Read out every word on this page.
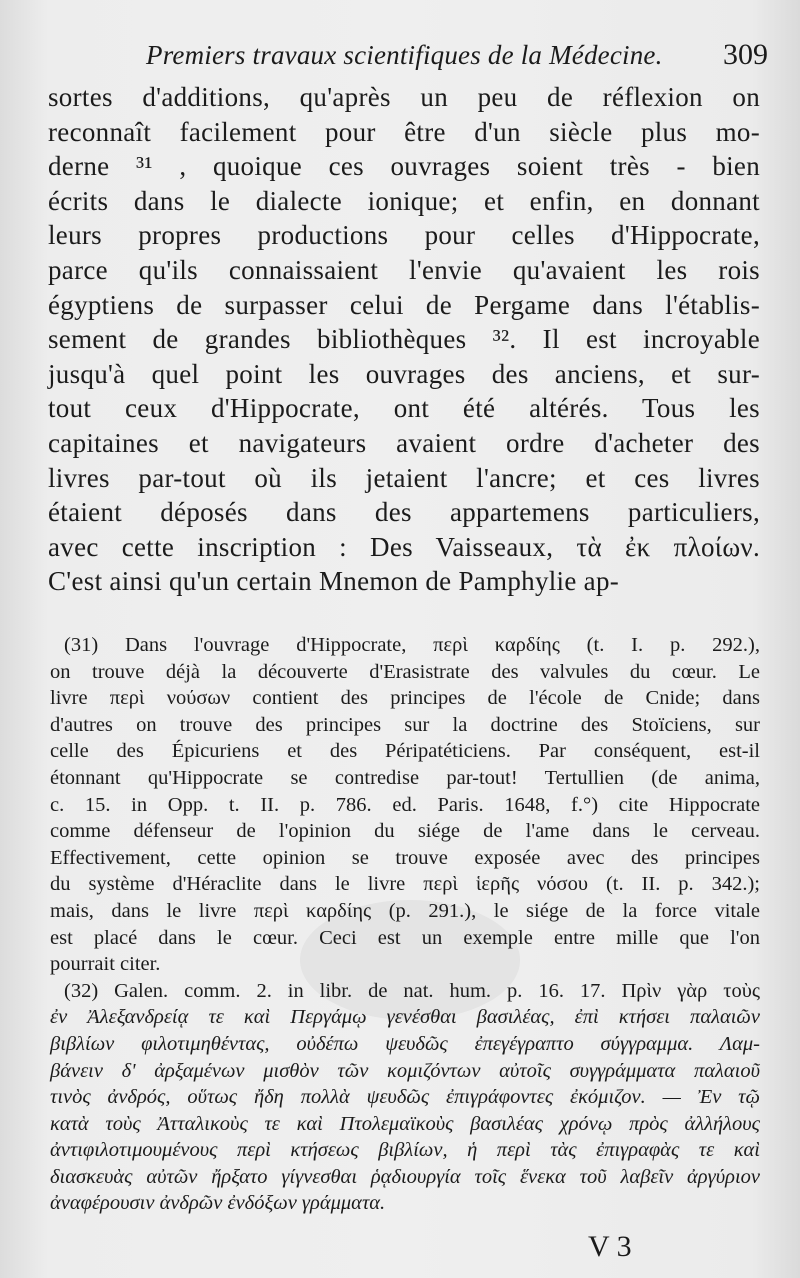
Premiers travaux scientifiques de la Médecine. 309
sortes d'additions, qu'après un peu de réflexion on
reconnaît facilement pour être d'un siècle plus mo-
derne ³¹ , quoique ces ouvrages soient très - bien
écrits dans le dialecte ionique; et enfin, en donnant
leurs propres productions pour celles d'Hippocrate,
parce qu'ils connaissaient l'envie qu'avaient les rois
égyptiens de surpasser celui de Pergame dans l'établis-
sement de grandes bibliothèques ³². Il est incroyable
jusqu'à quel point les ouvrages des anciens, et sur-
tout ceux d'Hippocrate, ont été altérés. Tous les
capitaines et navigateurs avaient ordre d'acheter des
livres par-tout où ils jetaient l'ancre; et ces livres
étaient déposés dans des appartemens particuliers,
avec cette inscription : Des Vaisseaux, τὰ ἐκ πλοίων.
C'est ainsi qu'un certain Mnemon de Pamphylie ap-
(31) Dans l'ouvrage d'Hippocrate, περὶ καρδίης (t. I. p. 292.),
on trouve déjà la découverte d'Erasistrate des valvules du cœur. Le
livre περὶ νούσων contient des principes de l'école de Cnide; dans
d'autres on trouve des principes sur la doctrine des Stoïciens, sur
celle des Épicuriens et des Péripatéticiens. Par conséquent, est-il
étonnant qu'Hippocrate se contredise par-tout! Tertullien (de anima,
c. 15. in Opp. t. II. p. 786. ed. Paris. 1648, f.°) cite Hippocrate
comme défenseur de l'opinion du siége de l'ame dans le cerveau.
Effectivement, cette opinion se trouve exposée avec des principes
du système d'Héraclite dans le livre περὶ ἱερῆς νόσου (t. II. p. 342.);
mais, dans le livre περὶ καρδίης (p. 291.), le siége de la force vitale
est placé dans le cœur. Ceci est un exemple entre mille que l'on
pourrait citer.
(32) Galen. comm. 2. in libr. de nat. hum. p. 16. 17. Πρὶν γὰρ τοὺς
ἐν Ἀλεξανδρείᾳ τε καὶ Περγάμῳ γενέσθαι βασιλέας, ἐπὶ κτήσει παλαιῶν
βιβλίων φιλοτιμηθέντας, οὐδέπω ψευδῶς ἐπεγέγραπτο σύγγραμμα. Λαμ-
βάνειν δ' ἀρξαμένων μισθὸν τῶν κομιζόντων αὐτοῖς συγγράμματα παλαιοῦ
τινὸς ἀνδρός, οὕτως ἤδη πολλὰ ψευδῶς ἐπιγράφοντες ἐκόμιζον. — Ἐν τῷ
κατὰ τοὺς Ἀτταλικοὺς τε καὶ Πτολεμαϊκοὺς βασιλέας χρόνῳ πρὸς ἀλλήλους
ἀντιφιλοτιμουμένους περὶ κτήσεως βιβλίων, ἡ περὶ τὰς ἐπιγραφὰς τε καὶ
διασκευὰς αὐτῶν ἤρξατο γίγνεσθαι ῥᾳδιουργία τοῖς ἕνεκα τοῦ λαβεῖν ἀργύριον
ἀναφέρουσιν ἀνδρῶν ἐνδόξων γράμματα.
V 3
